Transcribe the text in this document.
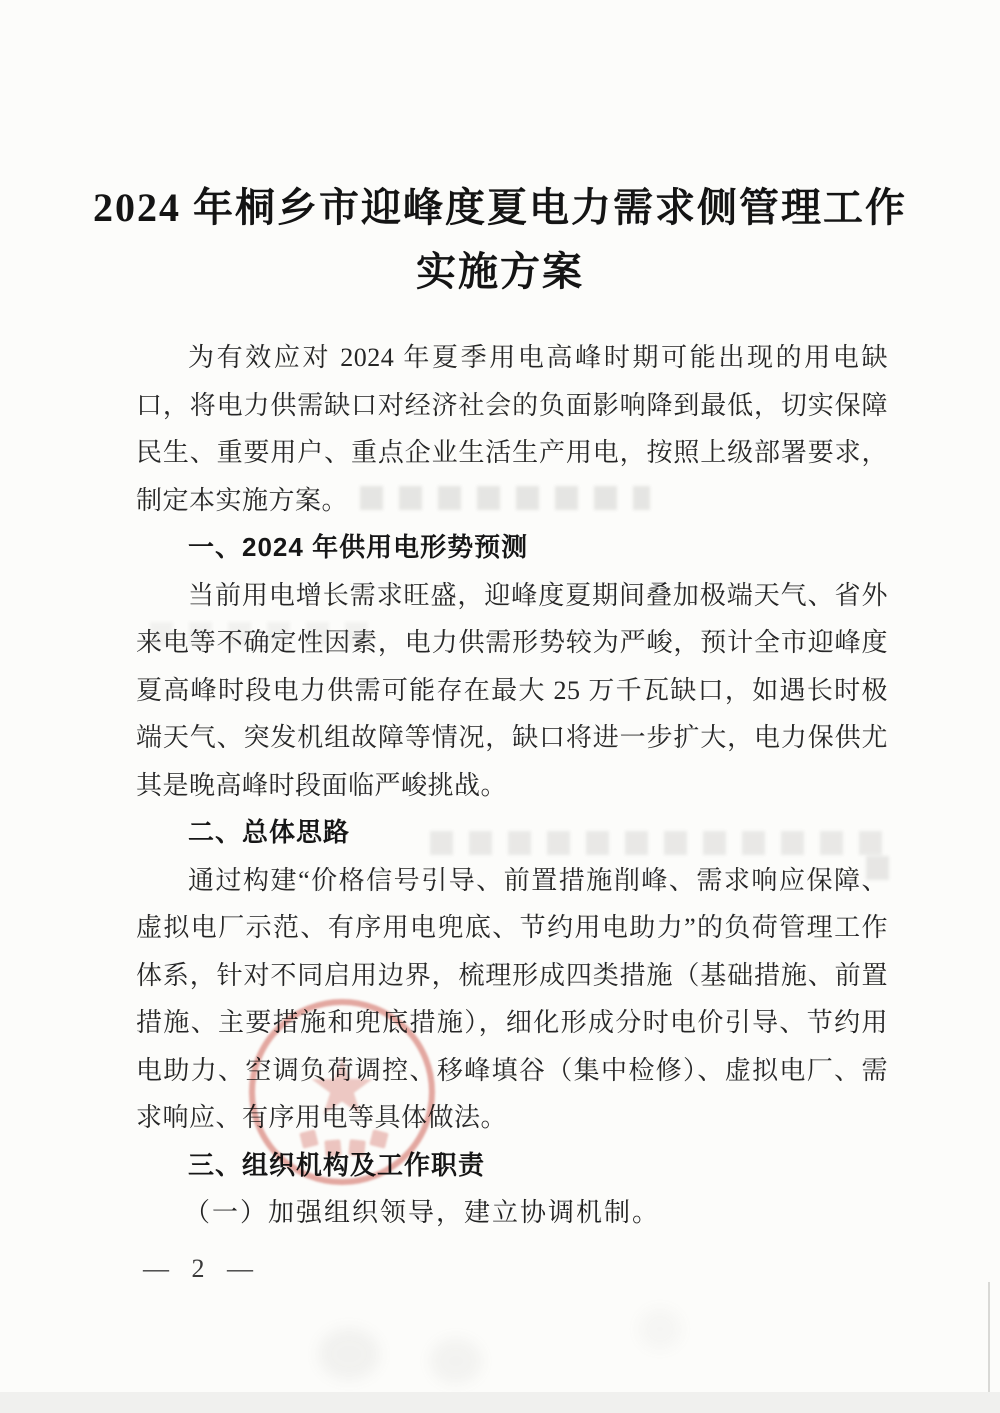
2024 年桐乡市迎峰度夏电力需求侧管理工作
实施方案
为有效应对 2024 年夏季用电高峰时期可能出现的用电缺
口，将电力供需缺口对经济社会的负面影响降到最低，切实保障
民生、重要用户、重点企业生活生产用电，按照上级部署要求，
制定本实施方案。
一、2024 年供用电形势预测
当前用电增长需求旺盛，迎峰度夏期间叠加极端天气、省外
来电等不确定性因素，电力供需形势较为严峻，预计全市迎峰度
夏高峰时段电力供需可能存在最大 25 万千瓦缺口，如遇长时极
端天气、突发机组故障等情况，缺口将进一步扩大，电力保供尤
其是晚高峰时段面临严峻挑战。
二、总体思路
通过构建“价格信号引导、前置措施削峰、需求响应保障、
虚拟电厂示范、有序用电兜底、节约用电助力”的负荷管理工作
体系，针对不同启用边界，梳理形成四类措施（基础措施、前置
措施、主要措施和兜底措施），细化形成分时电价引导、节约用
电助力、空调负荷调控、移峰填谷（集中检修）、虚拟电厂、需
求响应、有序用电等具体做法。
三、组织机构及工作职责
（一）加强组织领导，建立协调机制。
— 2 —
